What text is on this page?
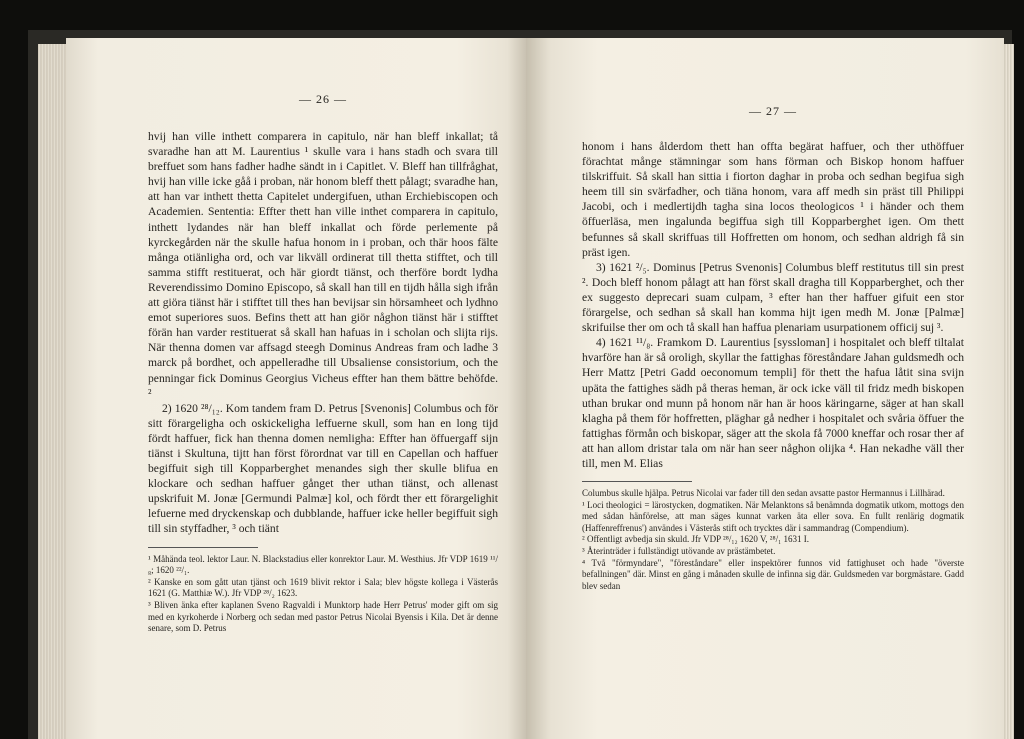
— 26 —

hvij han ville inthett comparera in capitulo, när han bleff inkallat; tå svaradhe han att M. Laurentius ¹ skulle vara i hans stadh och svara till breffuet som hans fadher hadhe sändt in i Capitlet. V. Bleff han tillfråghat, hvij han ville icke gåå i proban, när honom bleff thett pålagt; svaradhe han, att han var inthett thetta Capitelet undergifuen, uthan Erchiebiscopen och Academien. Sententia: Effter thett han ville inthet comparera in capitulo, inthett lydandes när han bleff inkallat och förde perlemente på kyrckegården när the skulle hafua honom in i proban, och thär hoos fälte många otiänligha ord, och var likväll ordinerat till thetta stifftet, och till samma stifft restituerat, och här giordt tiänst, och therföre bordt lydha Reverendissimo Domino Episcopo, så skall han till en tijdh hålla sigh ifrån att giöra tiänst här i stifftet till thes han bevijsar sin hörsamheet och lydhno emot superiores suos. Befins thett att han giör någhon tiänst här i stifftet förän han varder restituerat så skall han hafuas in i scholan och slijta rijs. När thenna domen var affsagd steegh Dominus Andreas fram och ladhe 3 marck på bordhet, och appelleradhe till Ubsaliense consistorium, och the penningar fick Dominus Georgius Vicheus effter han them bättre behöfde. ²

2) 1620 ²⁸/₁₂. Kom tandem fram D. Petrus [Svenonis] Columbus och för sitt förargeligha och oskickeligha leffuerne skull, som han en long tijd fördt haffuer, fick han thenna domen nemligha: Effter han öffuergaff sijn tiänst i Skultuna, tijtt han först förordnat var till en Capellan och haffuer begiffuit sigh till Kopparberghet menandes sigh ther skulle blifua en klockare och sedhan haffuer gånget ther uthan tiänst, och allenast upskrifuit M. Jonæ [Germundi Palmæ] kol, och fördt ther ett förargelighit lefuerne med dryckenskap och dubblande, haffuer icke heller begiffuit sigh till sin styffadher, ³ och tiänt

¹ Måhända teol. lektor Laur. N. Blackstadius eller konrektor Laur. M. Westhius. Jfr VDP 1619 ¹¹/₈; 1620 ²²/₁.

² Kanske en som gått utan tjänst och 1619 blivit rektor i Sala; blev högste kollega i Västerås 1621 (G. Matthiæ W.). Jfr VDP ²⁸/₂ 1623.

³ Bliven änka efter kaplanen Sveno Ragvaldi i Munktorp hade Herr Petrus' moder gift om sig med en kyrkoherde i Norberg och sedan med pastor Petrus Nicolai Byensis i Kila. Det är denne senare, som D. Petrus

— 27 —

honom i hans ålderdom thett han offta begärat haffuer, och ther uthöffuer förachtat månge stämningar som hans förman och Biskop honom haffuer tilskriffuit. Så skall han sittia i fiorton daghar in proba och sedhan begifua sigh heem till sin svärfadher, och tiäna honom, vara aff medh sin präst till Philippi Jacobi, och i medlertijdh tagha sina locos theologicos ¹ i händer och them öffuerläsa, men ingalunda begiffua sigh till Kopparberghet igen. Om thett befunnes så skall skriffuas till Hoffretten om honom, och sedhan aldrigh få sin präst igen.

3) 1621 ²/₅. Dominus [Petrus Svenonis] Columbus bleff restitutus till sin prest ². Doch bleff honom pålagt att han först skall dragha till Kopparberghet, och ther ex suggesto deprecari suam culpam, ³ efter han ther haffuer gifuit een stor förargelse, och sedhan så skall han komma hijt igen medh M. Jonæ [Palmæ] skrifuilse ther om och tå skall han haffua plenariam usurpationem officij suj ³.

4) 1621 ¹¹/₈. Framkom D. Laurentius [syssloman] i hospitalet och bleff tiltalat hvarföre han är så oroligh, skyllar the fattighas föreståndare Jahan guldsmedh och Herr Mattz [Petri Gadd oeconomum templi] för thett the hafua låtit sina svijn upäta the fattighes sädh på theras heman, är ock icke väll til fridz medh biskopen uthan brukar ond munn på honom när han är hoos käringarne, säger at han skall klagha på them för hoffretten, pläghar gå nedher i hospitalet och svåria öffuer the fattighas förmån och biskopar, säger att the skola få 7000 kneffar och rosar ther af att han allom dristar tala om när han seer någhon olijka ⁴. Han nekadhe väll ther till, men M. Elias

Columbus skulle hjälpa. Petrus Nicolai var fader till den sedan avsatte pastor Hermannus i Lillhärad.

¹ Loci theologici = lärostycken, dogmatiken. När Melanktons så benämnda dogmatik utkom, mottogs den med sådan hänförelse, att man säges kunnat varken äta eller sova. En fullt renlärig dogmatik (Haffenreffrenus') användes i Västerås stift och trycktes där i sammandrag (Compendium).

² Offentligt avbedja sin skuld. Jfr VDP ²⁸/₁₂ 1620 V, ²⁸/₁ 1631 I.

³ Återinträder i fullständigt utövande av prästämbetet.

⁴ Två "förmyndare", "föreståndare" eller inspektörer funnos vid fattighuset och hade "överste befallningen" där. Minst en gång i månaden skulle de infinna sig där. Guldsmeden var borgmästare. Gadd blev sedan
